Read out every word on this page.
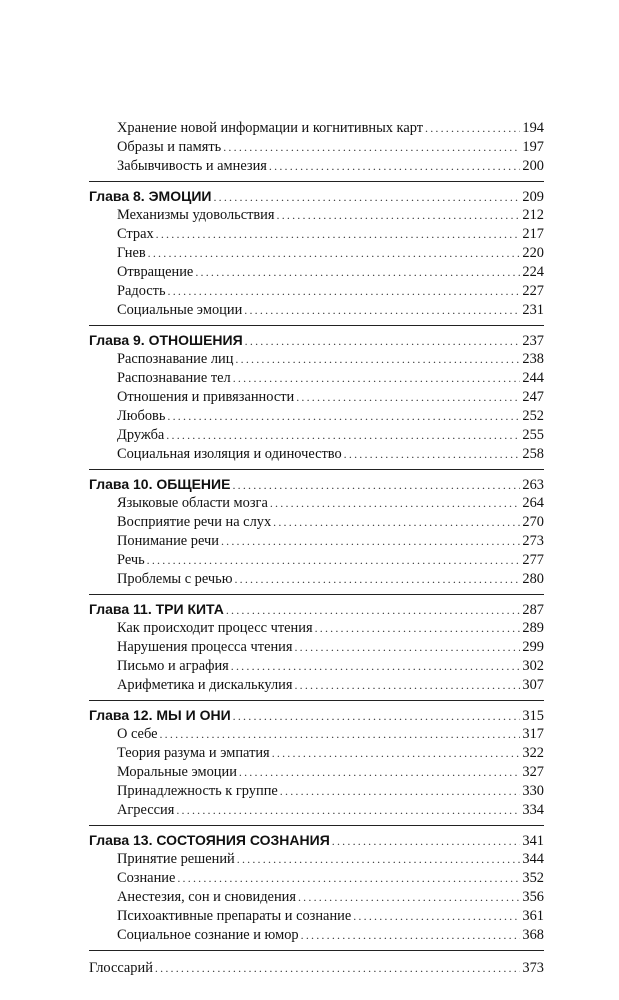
Хранение новой информации и когнитивных карт .....	194
Образы и память .....	197
Забывчивость и амнезия .....	200
Глава 8. ЭМОЦИИ .....	209
Механизмы удовольствия .....	212
Страх .....	217
Гнев .....	220
Отвращение .....	224
Радость .....	227
Социальные эмоции .....	231
Глава 9. ОТНОШЕНИЯ .....	237
Распознавание лиц .....	238
Распознавание тел .....	244
Отношения и привязанности .....	247
Любовь .....	252
Дружба .....	255
Социальная изоляция и одиночество .....	258
Глава 10. ОБЩЕНИЕ .....	263
Языковые области мозга .....	264
Восприятие речи на слух .....	270
Понимание речи .....	273
Речь .....	277
Проблемы с речью .....	280
Глава 11. ТРИ КИТА .....	287
Как происходит процесс чтения .....	289
Нарушения процесса чтения .....	299
Письмо и аграфия .....	302
Арифметика и дискалькулия .....	307
Глава 12. МЫ И ОНИ .....	315
О себе .....	317
Теория разума и эмпатия .....	322
Моральные эмоции .....	327
Принадлежность к группе .....	330
Агрессия .....	334
Глава 13. СОСТОЯНИЯ СОЗНАНИЯ .....	341
Принятие решений .....	344
Сознание .....	352
Анестезия, сон и сновидения .....	356
Психоактивные препараты и сознание .....	361
Социальное сознание и юмор .....	368
Глоссарий .....	373
